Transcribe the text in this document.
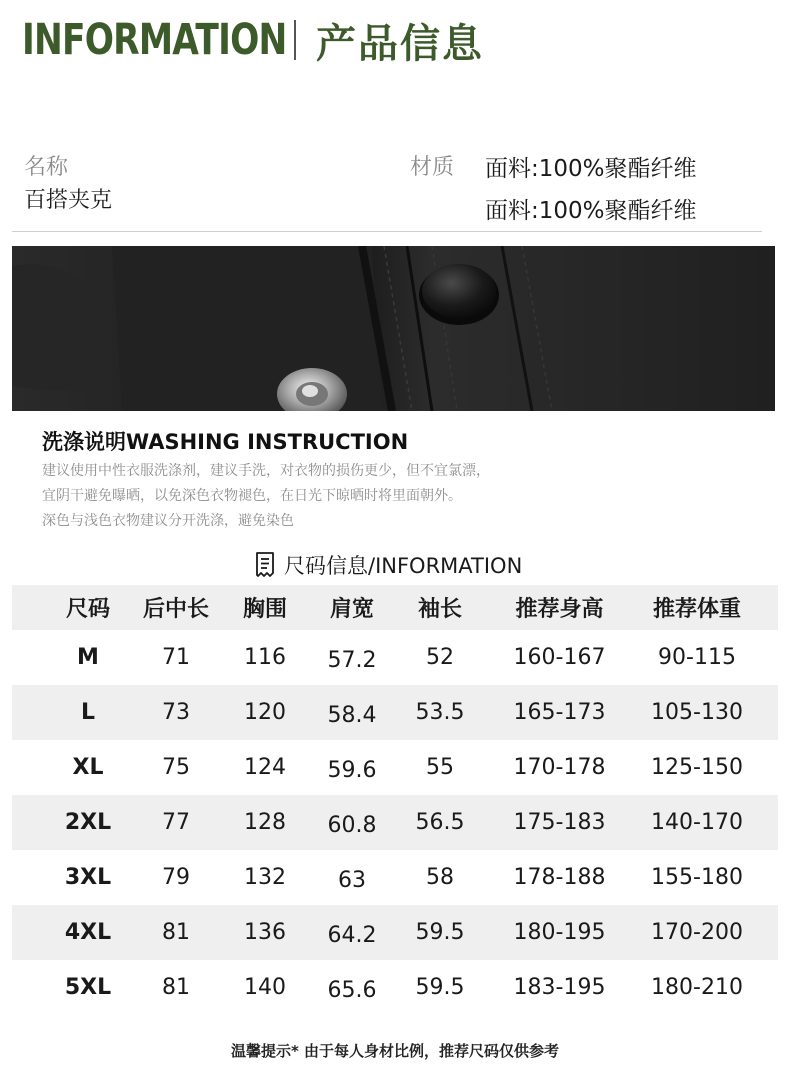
INFORMATION 产品信息
名称
百搭夹克
材质 面料:100%聚酯纤维
面料:100%聚酯纤维
洗涤说明WASHING INSTRUCTION
建议使用中性衣服洗涤剂，建议手洗，对衣物的损伤更少，但不宜氯漂，
宜阴干避免曝晒，以免深色衣物褪色，在日光下晾晒时将里面朝外。
深色与浅色衣物建议分开洗涤，避免染色
尺码信息/INFORMATION
尺码	后中长	胸围	肩宽	袖长	推荐身高	推荐体重
M	71	116	57.2	52	160-167	90-115
L	73	120	58.4	53.5	165-173	105-130
XL	75	124	59.6	55	170-178	125-150
2XL	77	128	60.8	56.5	175-183	140-170
3XL	79	132	63	58	178-188	155-180
4XL	81	136	64.2	59.5	180-195	170-200
5XL	81	140	65.6	59.5	183-195	180-210
温馨提示* 由于每人身材比例，推荐尺码仅供参考
